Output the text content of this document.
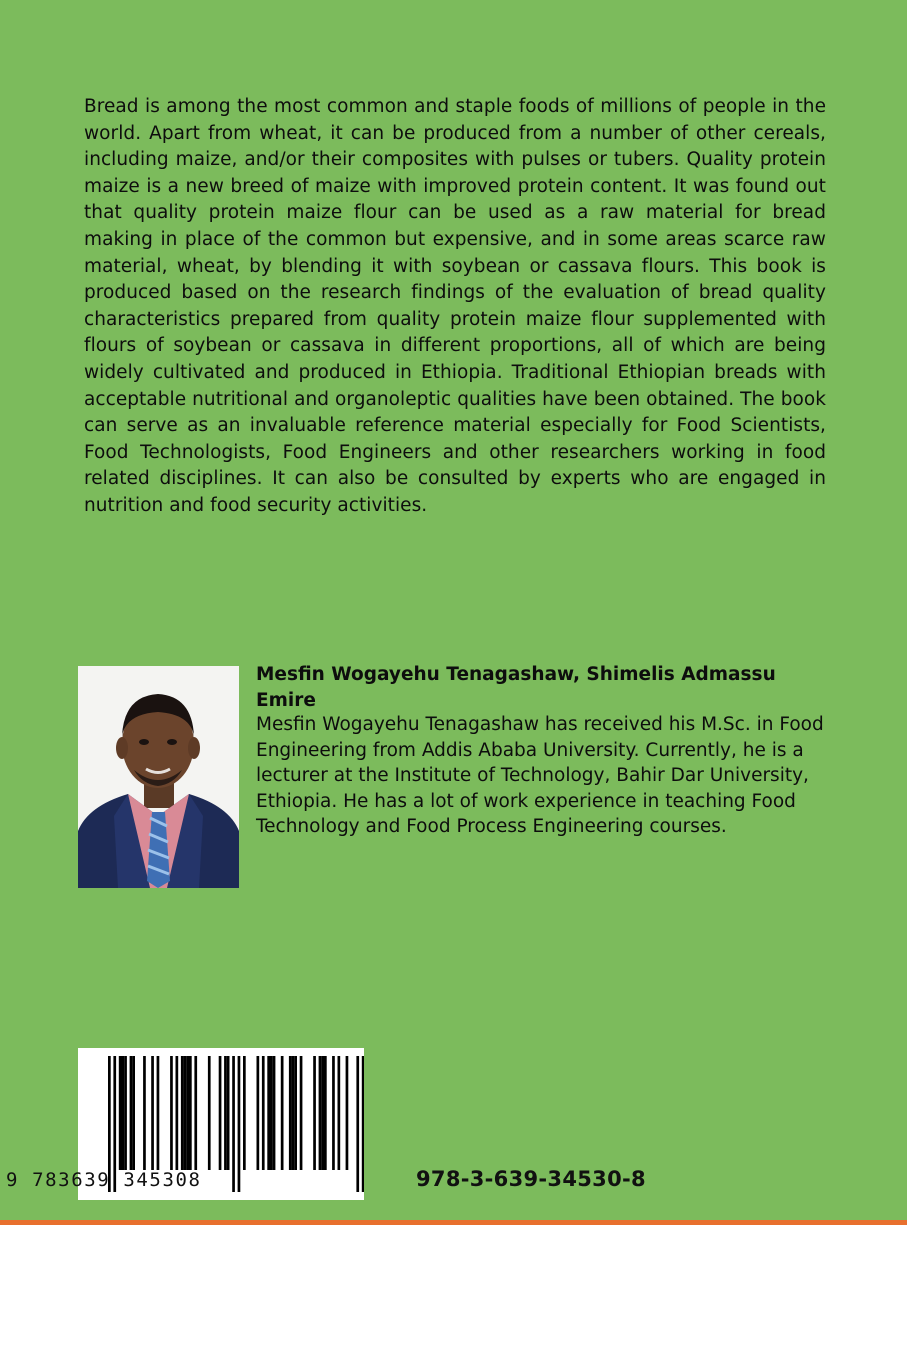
Bread is among the most common and staple foods of millions of people in the world. Apart from wheat, it can be produced from a number of other cereals, including maize, and/or their composites with pulses or tubers. Quality protein maize is a new breed of maize with improved protein content. It was found out that quality protein maize flour can be used as a raw material for bread making in place of the common but expensive, and in some areas scarce raw material, wheat, by blending it with soybean or cassava flours. This book is produced based on the research findings of the evaluation of bread quality characteristics prepared from quality protein maize flour supplemented with flours of soybean or cassava in different proportions, all of which are being widely cultivated and produced in Ethiopia. Traditional Ethiopian breads with acceptable nutritional and organoleptic qualities have been obtained. The book can serve as an invaluable reference material especially for Food Scientists, Food Technologists, Food Engineers and other researchers working in food related disciplines. It can also be consulted by experts who are engaged in nutrition and food security activities.

Mesfin Wogayehu Tenagashaw, Shimelis Admassu Emire

Mesfin Wogayehu Tenagashaw has received his M.Sc. in Food Engineering from Addis Ababa University. Currently, he is a lecturer at the Institute of Technology, Bahir Dar University, Ethiopia. He has a lot of work experience in teaching Food Technology and Food Process Engineering courses.

9 783639 345308	978-3-639-34530-8
